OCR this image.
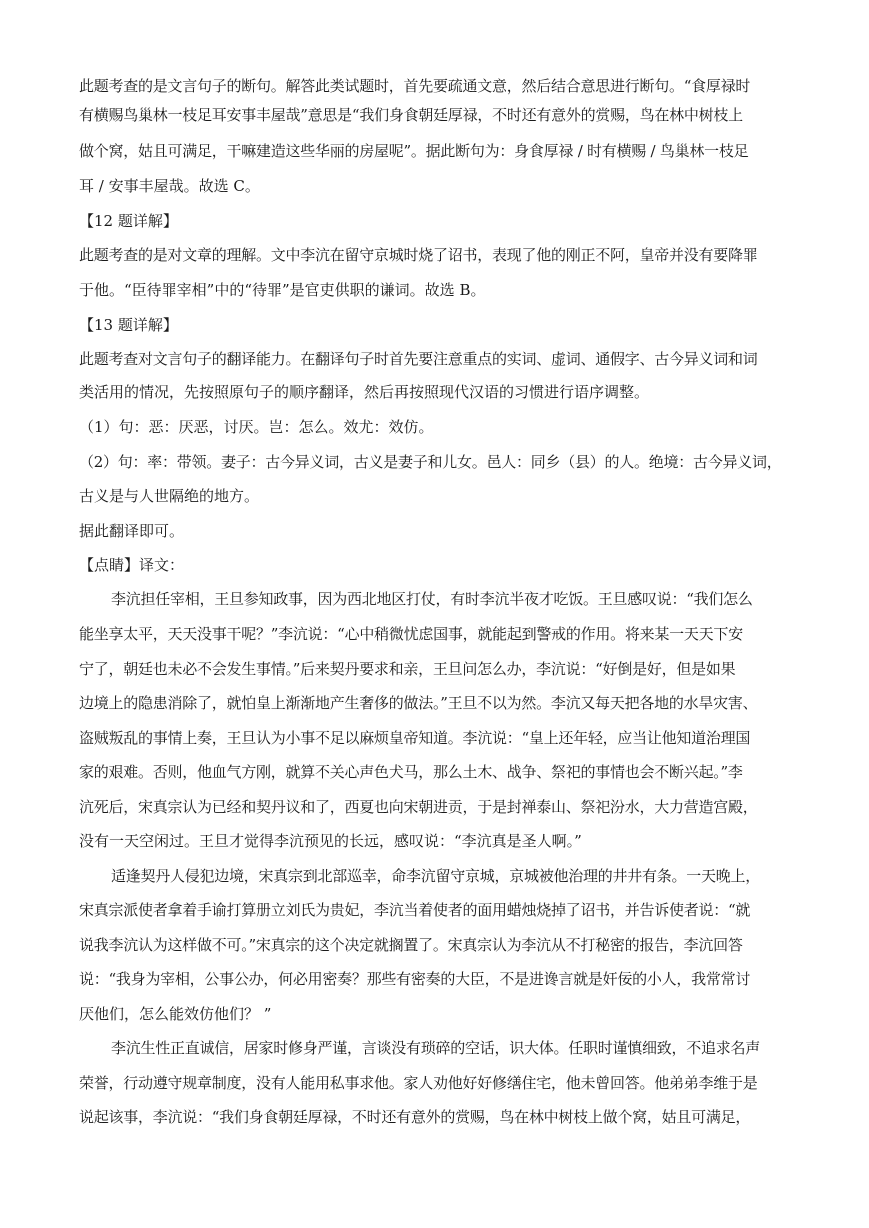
此题考查的是文言句子的断句。解答此类试题时，首先要疏通文意，然后结合意思进行断句。“食厚禄时
有横赐鸟巢林一枝足耳安事丰屋哉”意思是“我们身食朝廷厚禄，不时还有意外的赏赐，鸟在林中树枝上
做个窝，姑且可满足，干嘛建造这些华丽的房屋呢”。据此断句为：身食厚禄 / 时有横赐 / 鸟巢林一枝足
耳 / 安事丰屋哉。故选 C。
【12 题详解】
此题考查的是对文章的理解。文中李沆在留守京城时烧了诏书，表现了他的刚正不阿，皇帝并没有要降罪
于他。“臣待罪宰相”中的“待罪”是官吏供职的谦词。故选 B。
【13 题详解】
此题考查对文言句子的翻译能力。在翻译句子时首先要注意重点的实词、虚词、通假字、古今异义词和词
类活用的情况，先按照原句子的顺序翻译，然后再按照现代汉语的习惯进行语序调整。
（1）句：恶：厌恶，讨厌。岂：怎么。效尤：效仿。
（2）句：率：带领。妻子：古今异义词，古义是妻子和儿女。邑人：同乡（县）的人。绝境：古今异义词，
古义是与人世隔绝的地方。
据此翻译即可。
【点睛】译文：
李沆担任宰相，王旦参知政事，因为西北地区打仗，有时李沆半夜才吃饭。王旦感叹说：“我们怎么
能坐享太平，天天没事干呢？”李沆说：“心中稍微忧虑国事，就能起到警戒的作用。将来某一天天下安
宁了，朝廷也未必不会发生事情。”后来契丹要求和亲，王旦问怎么办，李沆说：“好倒是好，但是如果
边境上的隐患消除了，就怕皇上渐渐地产生奢侈的做法。”王旦不以为然。李沆又每天把各地的水旱灾害、
盗贼叛乱的事情上奏，王旦认为小事不足以麻烦皇帝知道。李沆说：“皇上还年轻，应当让他知道治理国
家的艰难。否则，他血气方刚，就算不关心声色犬马，那么土木、战争、祭祀的事情也会不断兴起。”李
沆死后，宋真宗认为已经和契丹议和了，西夏也向宋朝进贡，于是封禅泰山、祭祀汾水，大力营造宫殿，
没有一天空闲过。王旦才觉得李沆预见的长远，感叹说：“李沆真是圣人啊。”
适逢契丹人侵犯边境，宋真宗到北部巡幸，命李沆留守京城，京城被他治理的井井有条。一天晚上，
宋真宗派使者拿着手谕打算册立刘氏为贵妃，李沆当着使者的面用蜡烛烧掉了诏书，并告诉使者说：“就
说我李沆认为这样做不可。”宋真宗的这个决定就搁置了。宋真宗认为李沆从不打秘密的报告，李沆回答
说：“我身为宰相，公事公办，何必用密奏？那些有密奏的大臣，不是进谗言就是奸佞的小人，我常常讨
厌他们，怎么能效仿他们？ ”
李沆生性正直诚信，居家时修身严谨，言谈没有琐碎的空话，识大体。任职时谨慎细致，不追求名声
荣誉，行动遵守规章制度，没有人能用私事求他。家人劝他好好修缮住宅，他未曾回答。他弟弟李维于是
说起该事，李沆说：“我们身食朝廷厚禄，不时还有意外的赏赐，鸟在林中树枝上做个窝，姑且可满足，
